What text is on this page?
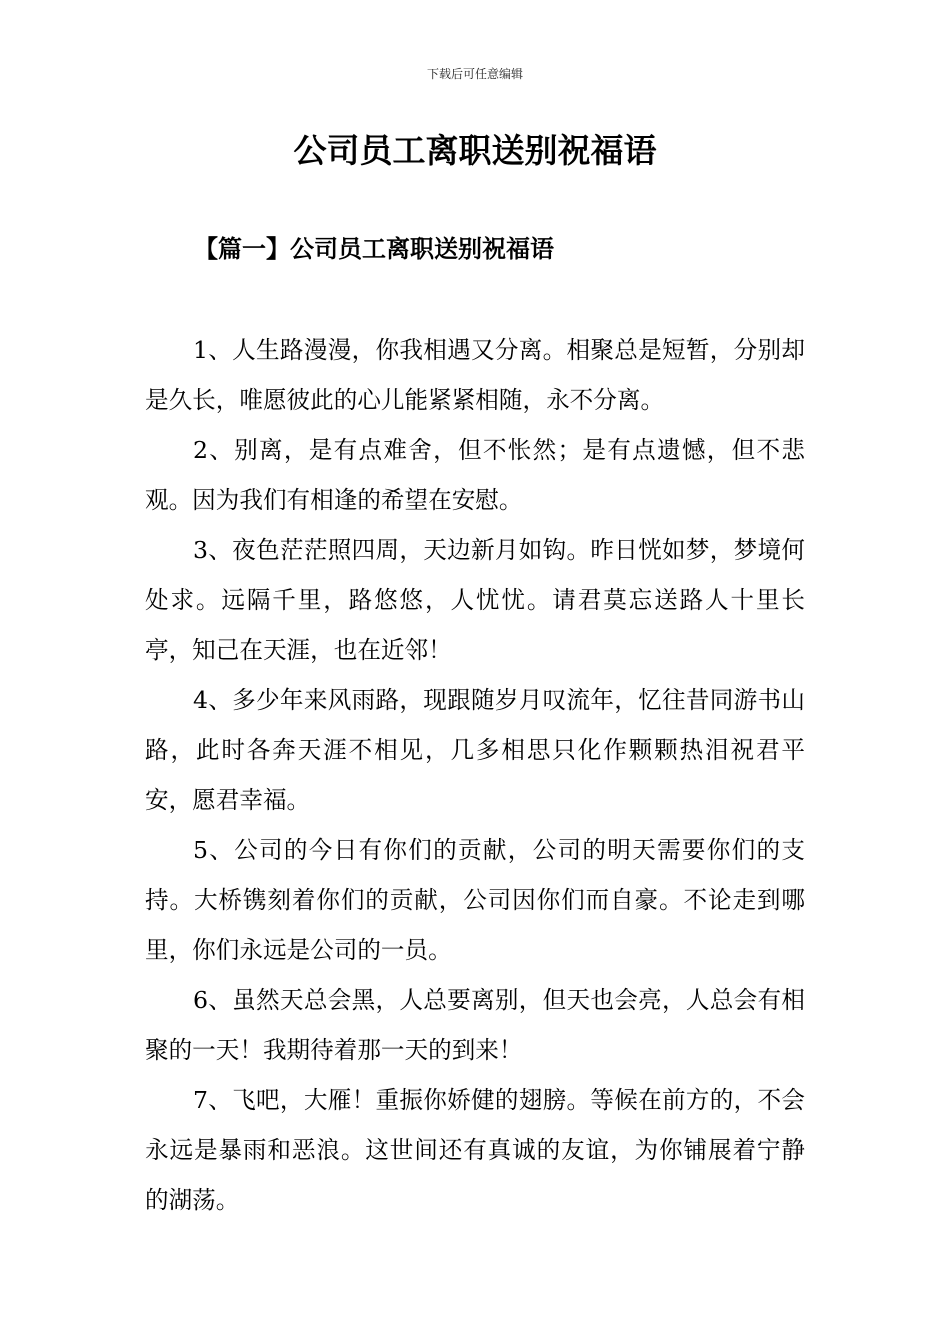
下载后可任意编辑
公司员工离职送别祝福语
【篇一】公司员工离职送别祝福语
1、人生路漫漫，你我相遇又分离。相聚总是短暂，分别却是久长，唯愿彼此的心儿能紧紧相随，永不分离。
2、别离，是有点难舍，但不怅然；是有点遗憾，但不悲观。因为我们有相逢的希望在安慰。
3、夜色茫茫照四周，天边新月如钩。昨日恍如梦，梦境何处求。远隔千里，路悠悠，人忧忧。请君莫忘送路人十里长亭，知己在天涯，也在近邻！
4、多少年来风雨路，现跟随岁月叹流年，忆往昔同游书山路，此时各奔天涯不相见，几多相思只化作颗颗热泪祝君平安，愿君幸福。
5、公司的今日有你们的贡献，公司的明天需要你们的支持。大桥镌刻着你们的贡献，公司因你们而自豪。不论走到哪里，你们永远是公司的一员。
6、虽然天总会黑，人总要离别，但天也会亮，人总会有相聚的一天！我期待着那一天的到来！
7、飞吧，大雁！重振你娇健的翅膀。等候在前方的，不会永远是暴雨和恶浪。这世间还有真诚的友谊，为你铺展着宁静的湖荡。
